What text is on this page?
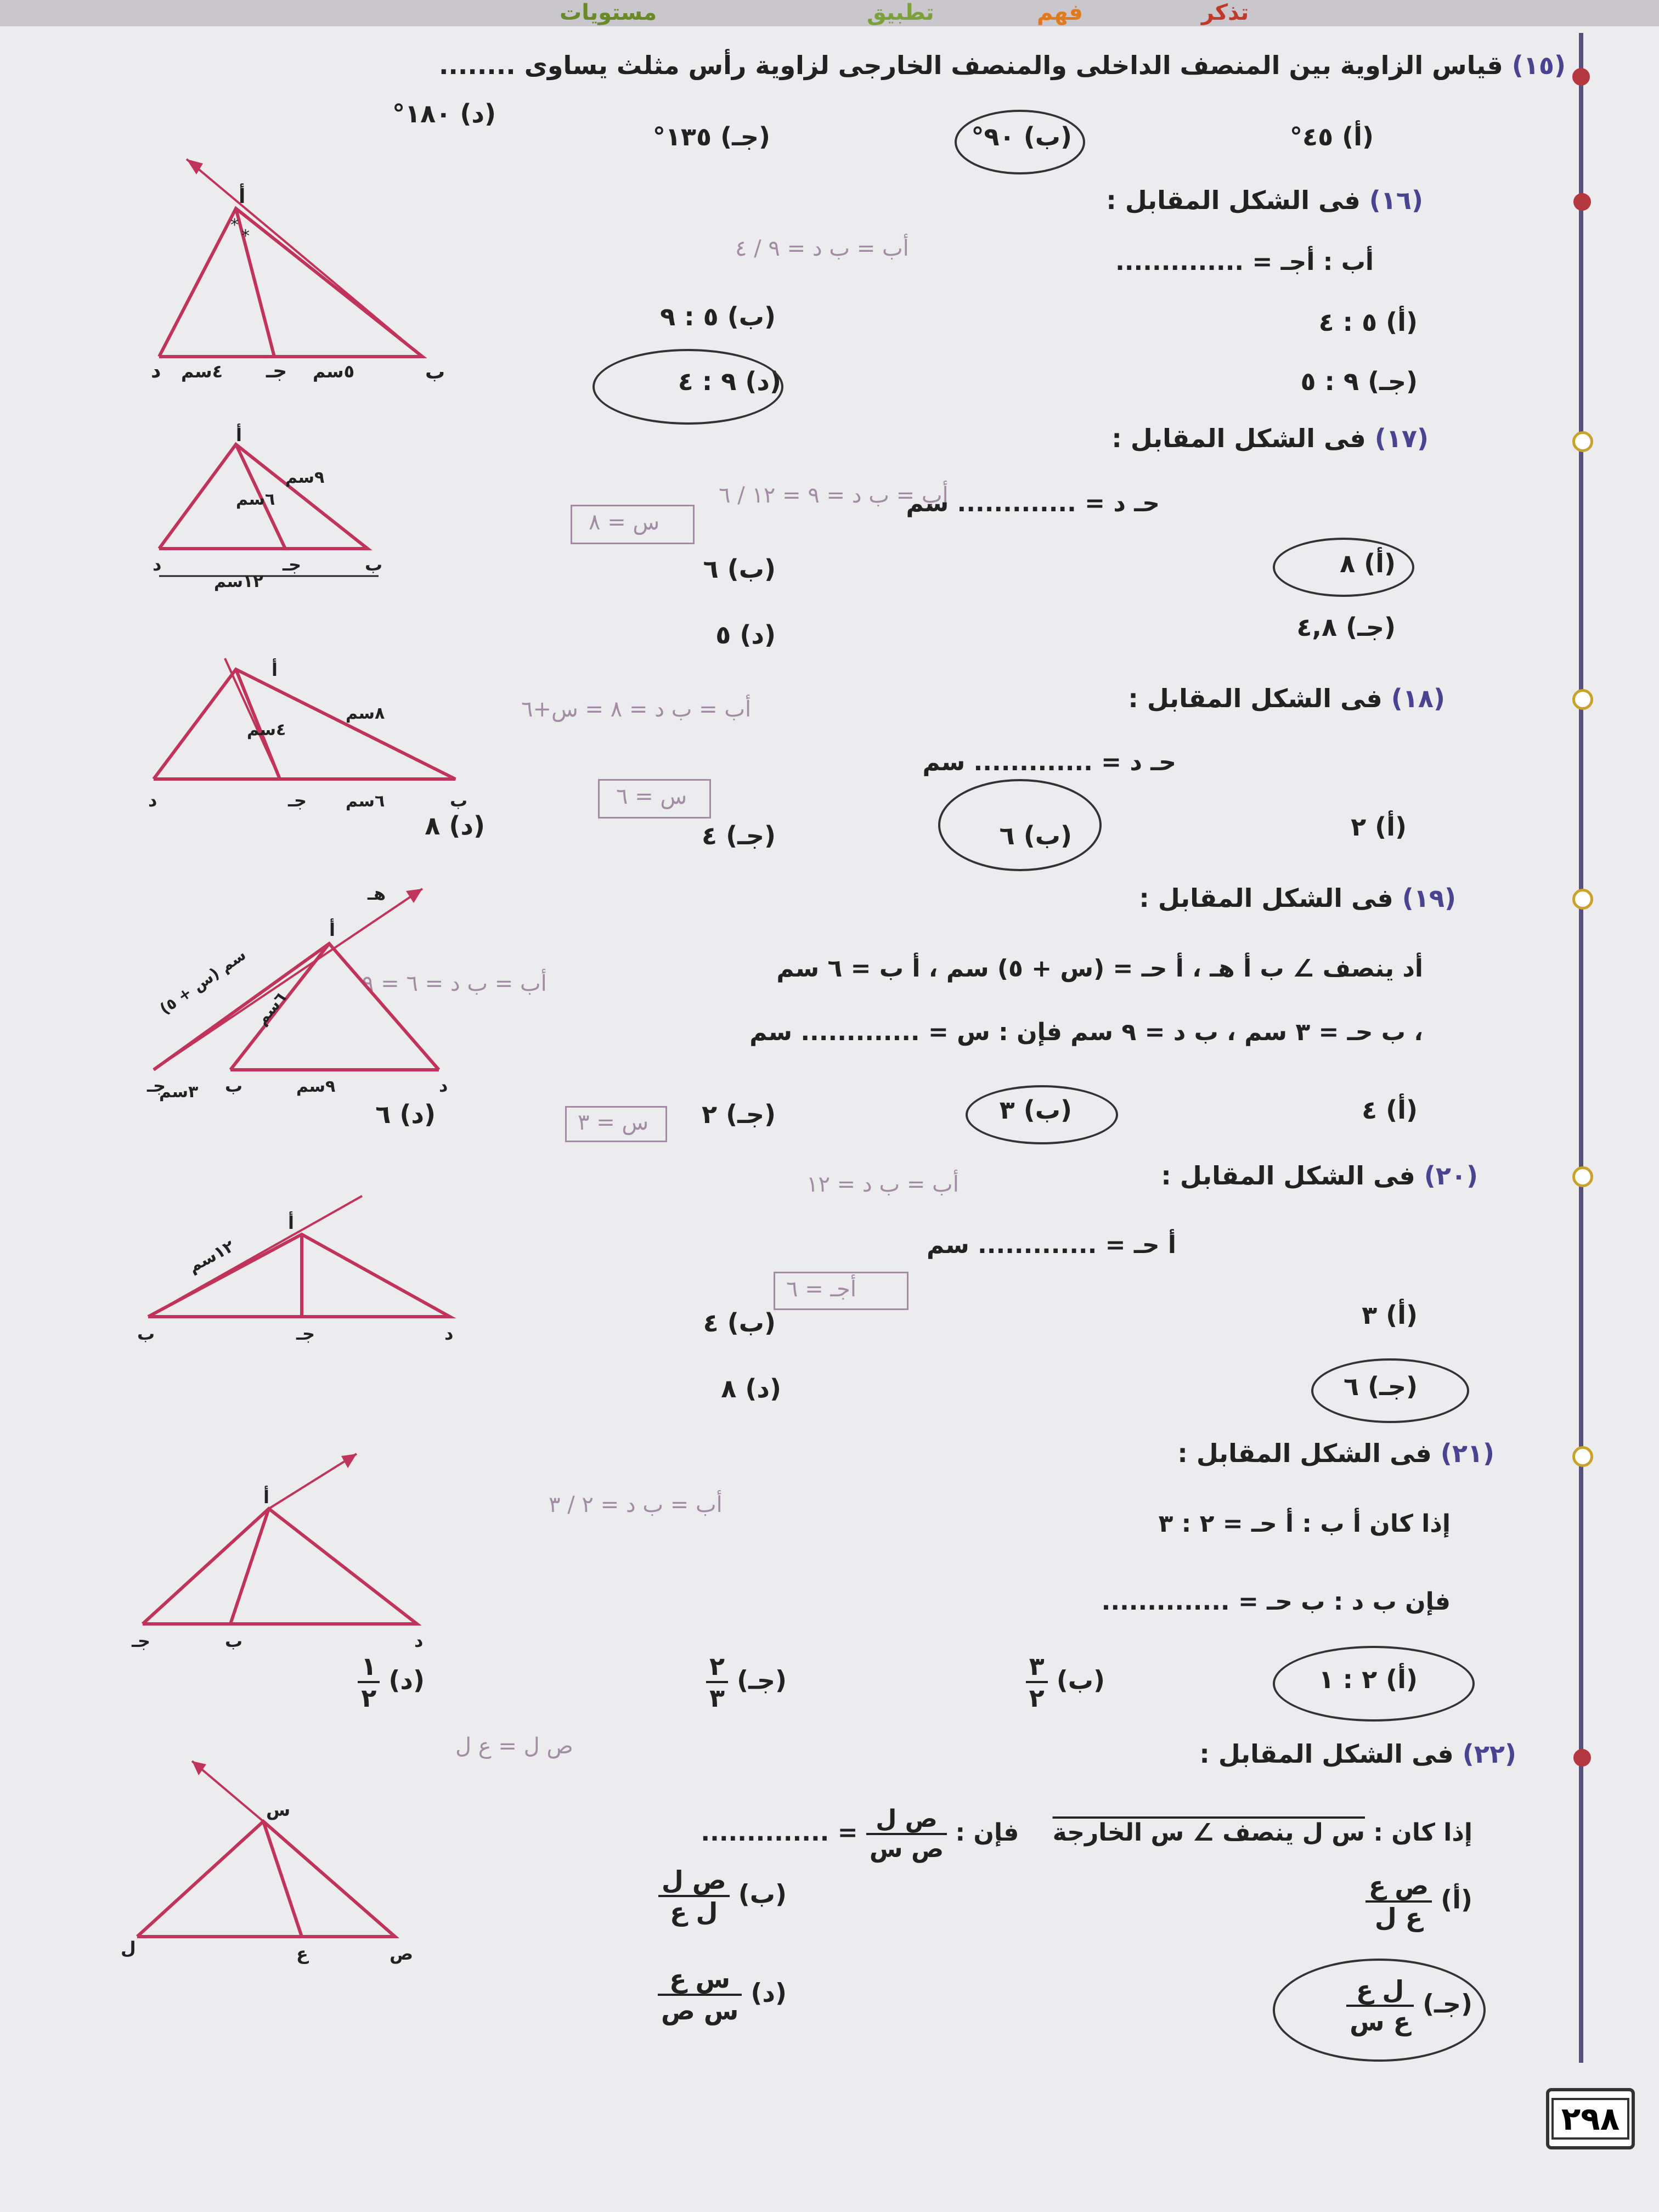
مستويات	تطبيق	فهم	تذكر
(١٥) قياس الزاوية بين المنصف الداخلى والمنصف الخارجى لزاوية رأس مثلث يساوى ........
(أ) ٤٥°
(ب) ٩٠°
(جـ) ١٣٥°
(د) ١٨٠°
(١٦) فى الشكل المقابل :
أب : أجـ = ..............
أب = ب د = ٩ / ٤
(أ) ٥ : ٤
(ب) ٥ : ٩
(جـ) ٩ : ٥
(د) ٩ : ٤
أ
ب
جـ
د	٥سم
٤سم
*
*
(١٧) فى الشكل المقابل :
حـ د = ............. سم
أب = ب د = ٩ = ١٢ / ٦
س = ٨
(أ) ٨
(ب) ٦
(جـ) ٤,٨
(د) ٥
أ
ب
جـ
د
٩سم
٦سم
١٢سم
(١٨) فى الشكل المقابل :
حـ د = ............. سم
أب = ب د = ٨ = س+٦
س = ٦
(أ) ٢
(ب) ٦
(جـ) ٤
(د) ٨
أ
ب
جـ
د
٨سم
٤سم
٦سم
(١٩) فى الشكل المقابل :
أد ينصف ∠ ب أ هـ ، أ حـ = (س + ٥) سم ، أ ب = ٦ سم
، ب حـ = ٣ سم ، ب د = ٩ سم فإن : س = ............. سم
أب = ب د = ٦ = ٩
س = ٣	(أ) ٤
(ب) ٣
(جـ) ٢
(د) ٦
أ
ب
جـ	د
هـ
(س + ٥) سم
٦سم
٩سم
٣سم
(٢٠) فى الشكل المقابل :
أ حـ = ............. سم
أب = ب د = ١٢
أجـ = ٦
(أ) ٣
(ب) ٤
(جـ) ٦
(د) ٨
أ
ب	جـ	د
١٢سم
(٢١) فى الشكل المقابل :
إذا كان أ ب : أ حـ = ٢ : ٣
فإن ب د : ب حـ = ..............
أب = ب د = ٢ / ٣
(أ) ٢ : ١
(ب)
$\frac{٣}{٢}$
(جـ)
$\frac{٢}{٣}$
(د)
$\frac{١}{٢}$
أ
ب
جـ	د
(٢٢) فى الشكل المقابل :
إذا كان : س ل ينصف ∠ س الخارجة    فإن :
$\frac{\text{ص ل}}{\text{ص س}}$
= ..............
ص ل = ع ل
(أ)
$\frac{\text{ص ع}}{\text{ع ل}}$
(ب)
$\frac{\text{ص ل}}{\text{ل ع}}$
(جـ)
$\frac{\text{ل ع}}{\text{ع س}}$
(د)
$\frac{\text{س ع}}{\text{س ص}}$
س
ص
ع
ل
٢٩٨
